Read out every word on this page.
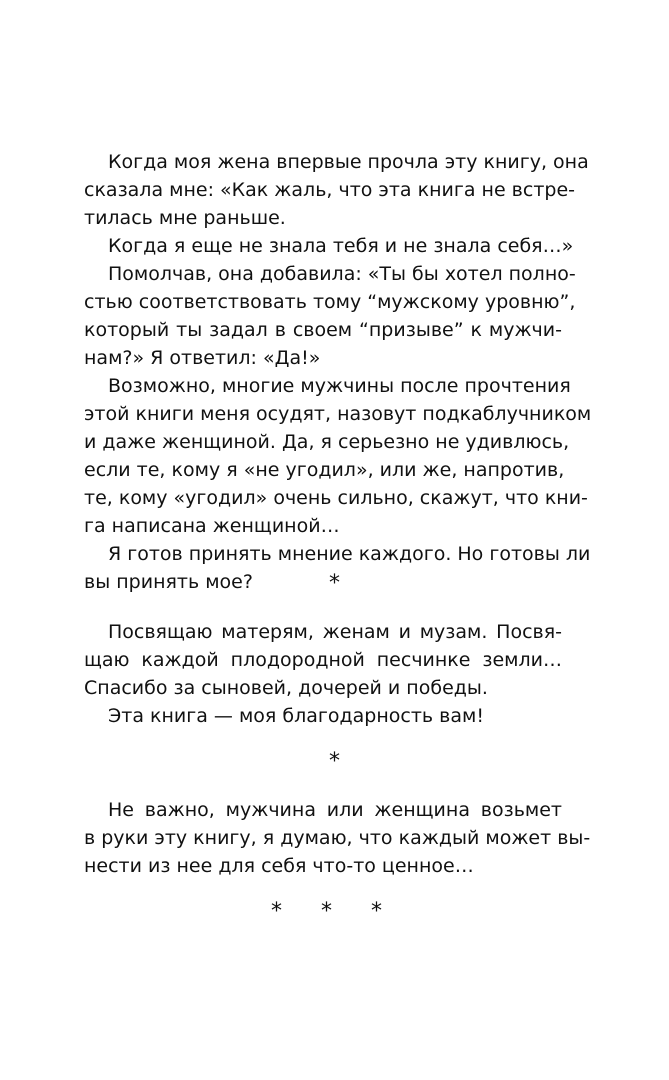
Когда моя жена впервые прочла эту книгу, она
сказала мне: «Как жаль, что эта книга не встре-
тилась мне раньше.
Когда я еще не знала тебя и не знала себя…»
Помолчав, она добавила: «Ты бы хотел полно-
стью соответствовать тому “мужскому уровню”,
который ты задал в своем “призыве” к мужчи-
нам?» Я ответил: «Да!»
Возможно, многие мужчины после прочтения
этой книги меня осудят, назовут подкаблучником
и даже женщиной. Да, я серьезно не удивлюсь,
если те, кому я «не угодил», или же, напротив,
те, кому «угодил» очень сильно, скажут, что кни-
га написана женщиной…
Я готов принять мнение каждого. Но готовы ли
вы принять мое?	*
Посвящаю матерям, женам и музам. Посвя-
щаю каждой плодородной песчинке земли…
Спасибо за сыновей, дочерей и победы.
Эта книга — моя благодарность вам!
*
Не важно, мужчина или женщина возьмет
в руки эту книгу, я думаю, что каждый может вы-
нести из нее для себя что-то ценное…
* * *
